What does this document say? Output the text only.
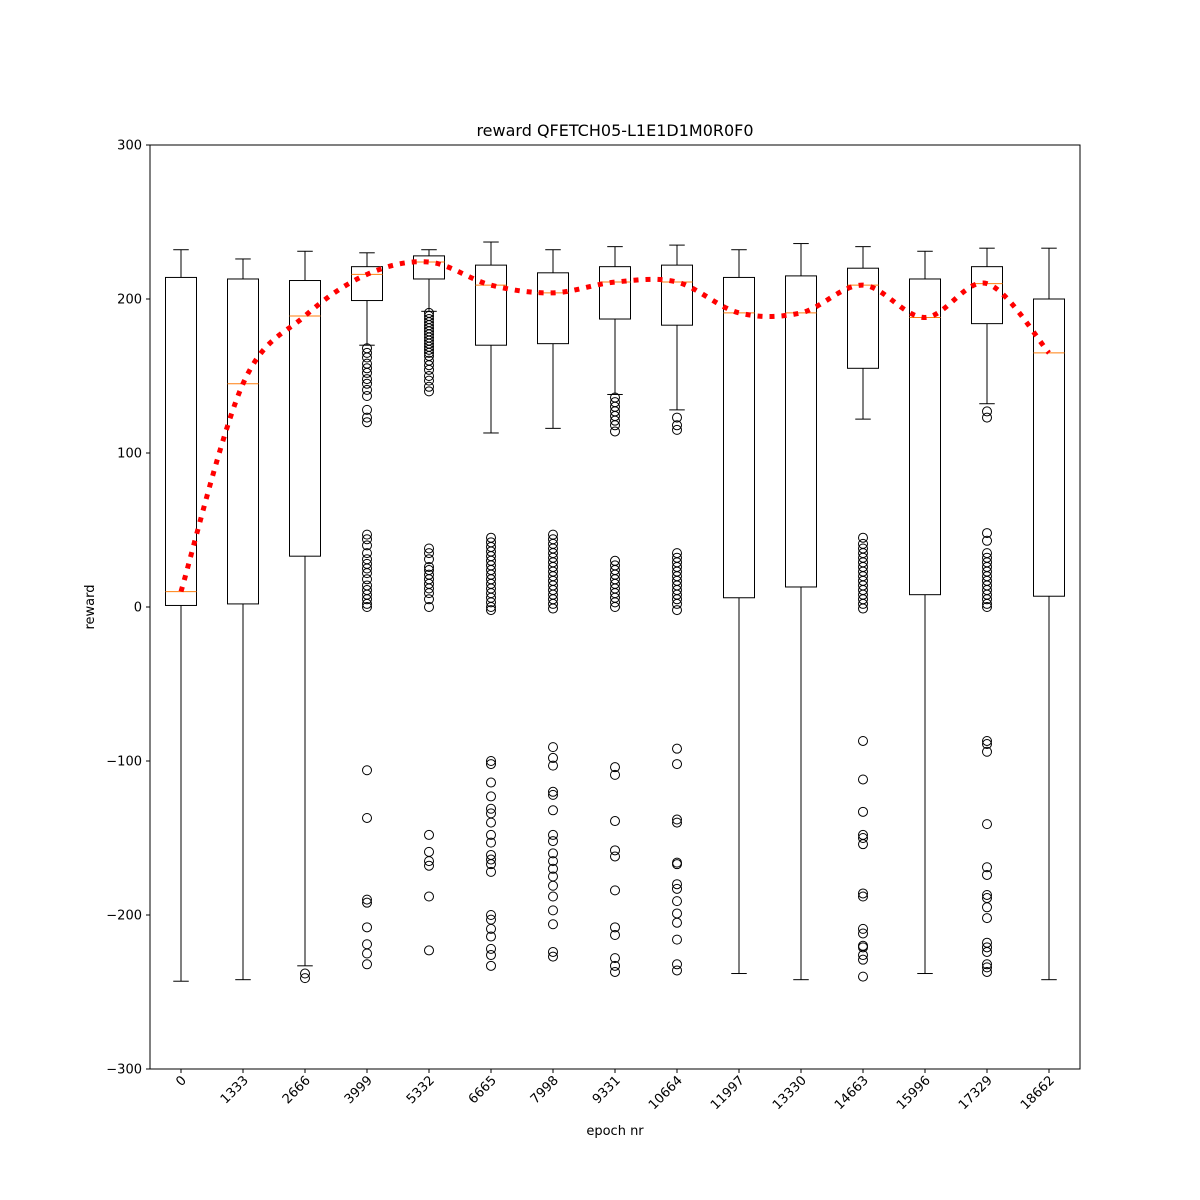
reward QFETCH05-L1E1D1M0R0F0
epoch nr
reward
−300
−200
−100
0
100
200
300
0 1333 2666 3999 5332 6665 7998 9331 10664 11997 13330 14663 15996 17329 18662
